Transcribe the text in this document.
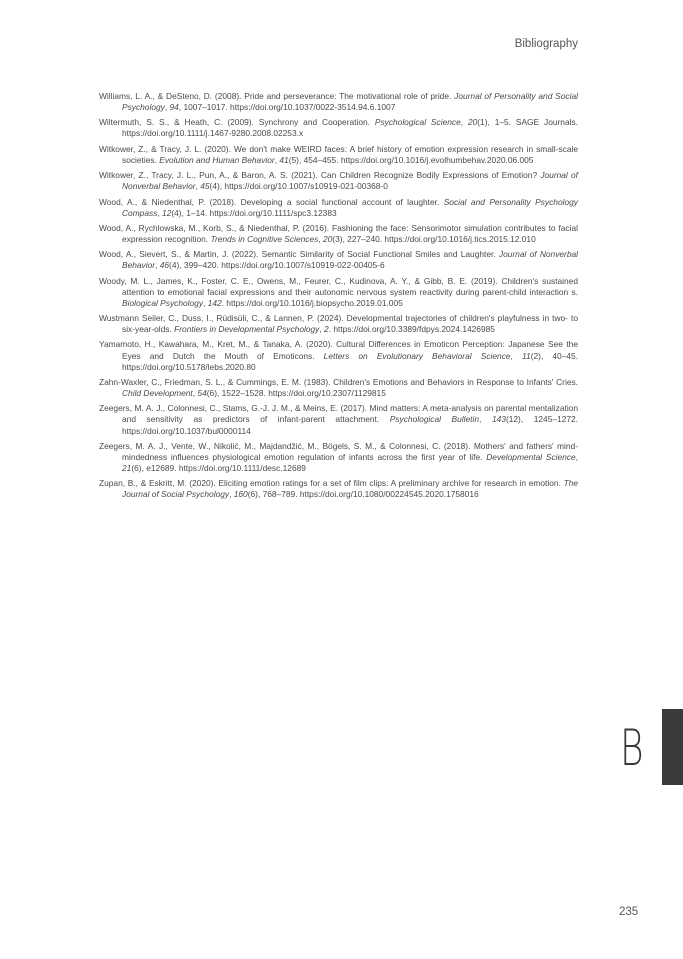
Bibliography

Williams, L. A., & DeSteno, D. (2008). Pride and perseverance: The motivational role of pride. Journal of Personality and Social Psychology, 94, 1007–1017. https://doi.org/10.1037/0022-3514.94.6.1007

Wiltermuth, S. S., & Heath, C. (2009). Synchrony and Cooperation. Psychological Science, 20(1), 1–5. SAGE Journals. https://doi.org/10.1111/j.1467-9280.2008.02253.x

Witkower, Z., & Tracy, J. L. (2020). We don't make WEIRD faces: A brief history of emotion expression research in small-scale societies. Evolution and Human Behavior, 41(5), 454–455. https://doi.org/10.1016/j.evolhumbehav.2020.06.005

Witkower, Z., Tracy, J. L., Pun, A., & Baron, A. S. (2021). Can Children Recognize Bodily Expressions of Emotion? Journal of Nonverbal Behavior, 45(4), https://doi.org/10.1007/s10919-021-00368-0

Wood, A., & Niedenthal, P. (2018). Developing a social functional account of laughter. Social and Personality Psychology Compass, 12(4), 1–14. https://doi.org/10.1111/spc3.12383

Wood, A., Rychlowska, M., Korb, S., & Niedenthal, P. (2016). Fashioning the face: Sensorimotor simulation contributes to facial expression recognition. Trends in Cognitive Sciences, 20(3), 227–240. https://doi.org/10.1016/j.tics.2015.12.010

Wood, A., Sievert, S., & Martin, J. (2022). Semantic Similarity of Social Functional Smiles and Laughter. Journal of Nonverbal Behavior, 46(4), 399–420. https://doi.org/10.1007/s10919-022-00405-6

Woody, M. L., James, K., Foster, C. E., Owens, M., Feurer, C., Kudinova, A. Y., & Gibb, B. E. (2019). Children's sustained attention to emotional facial expressions and their autonomic nervous system reactivity during parent-child interaction s. Biological Psychology, 142. https://doi.org/10.1016/j.biopsycho.2019.01.005

Wustmann Seiler, C., Duss, I., Rüdisüli, C., & Lannen, P. (2024). Developmental trajectories of children's playfulness in two- to six-year-olds. Frontiers in Developmental Psychology, 2. https://doi.org/10.3389/fdpys.2024.1426985

Yamamoto, H., Kawahara, M., Kret, M., & Tanaka, A. (2020). Cultural Differences in Emoticon Perception: Japanese See the Eyes and Dutch the Mouth of Emoticons. Letters on Evolutionary Behavioral Science, 11(2), 40–45. https://doi.org/10.5178/lebs.2020.80

Zahn-Waxler, C., Friedman, S. L., & Cummings, E. M. (1983). Children's Emotions and Behaviors in Response to Infants' Cries. Child Development, 54(6), 1522–1528. https://doi.org/10.2307/1129815

Zeegers, M. A. J., Colonnesi, C., Stams, G.-J. J. M., & Meins, E. (2017). Mind matters: A meta-analysis on parental mentalization and sensitivity as predictors of infant-parent attachment. Psychological Bulletin, 143(12), 1245–1272. https://doi.org/10.1037/bul0000114

Zeegers, M. A. J., Vente, W., Nikolić, M., Majdandžić, M., Bögels, S. M., & Colonnesi, C. (2018). Mothers' and fathers' mind-mindedness influences physiological emotion regulation of infants across the first year of life. Developmental Science, 21(6), e12689. https://doi.org/10.1111/desc.12689

Zupan, B., & Eskritt, M. (2020). Eliciting emotion ratings for a set of film clips: A preliminary archive for research in emotion. The Journal of Social Psychology, 160(6), 768–789. https://doi.org/10.1080/00224545.2020.1758016

B
235
